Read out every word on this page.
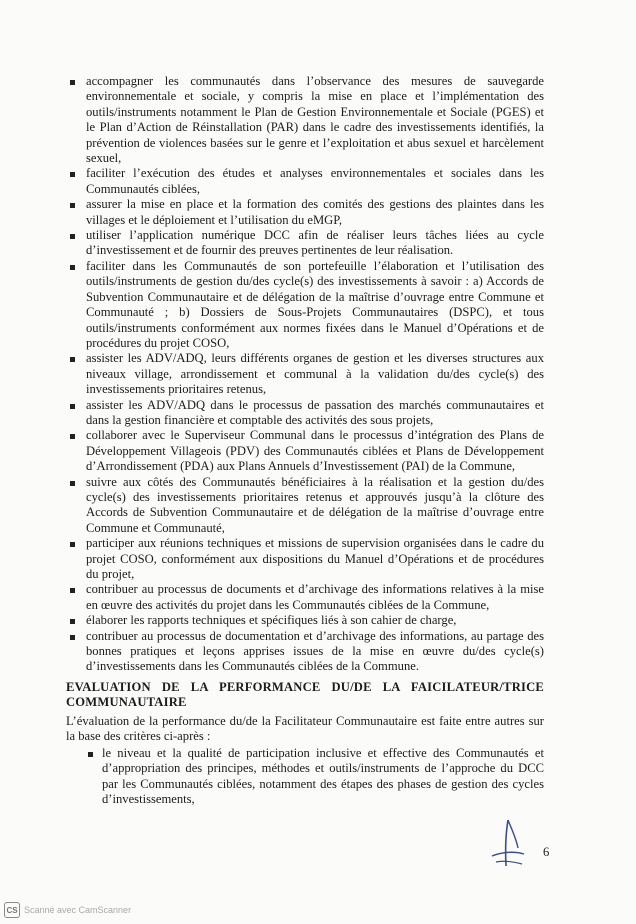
accompagner les communautés dans l’observance des mesures de sauvegarde environnementale et sociale, y compris la mise en place et l’implémentation des outils/instruments notamment le Plan de Gestion Environnementale et Sociale (PGES) et le Plan d’Action de Réinstallation (PAR) dans le cadre des investissements identifiés, la prévention de violences basées sur le genre et l’exploitation et abus sexuel et harcèlement sexuel,
faciliter l’exécution des études et analyses environnementales et sociales dans les Communautés ciblées,
assurer la mise en place et la formation des comités des gestions des plaintes dans les villages et le déploiement et l’utilisation du eMGP,
utiliser l’application numérique DCC afin de réaliser leurs tâches liées au cycle d’investissement et de fournir des preuves pertinentes de leur réalisation.
faciliter dans les Communautés de son portefeuille l’élaboration et l’utilisation des outils/instruments de gestion du/des cycle(s) des investissements à savoir : a) Accords de Subvention Communautaire et de délégation de la maîtrise d’ouvrage entre Commune et Communauté ; b) Dossiers de Sous-Projets Communautaires (DSPC), et tous outils/instruments conformément aux normes fixées dans le Manuel d’Opérations et de procédures du projet COSO,
assister les ADV/ADQ, leurs différents organes de gestion et les diverses structures aux niveaux village, arrondissement et communal à la validation du/des cycle(s) des investissements prioritaires retenus,
assister les ADV/ADQ dans le processus de passation des marchés communautaires et dans la gestion financière et comptable des activités des sous projets,
collaborer avec le Superviseur Communal dans le processus d’intégration des Plans de Développement Villageois (PDV) des Communautés ciblées et Plans de Développement d’Arrondissement (PDA) aux Plans Annuels d’Investissement (PAI) de la Commune,
suivre aux côtés des Communautés bénéficiaires à la réalisation et la gestion du/des cycle(s) des investissements prioritaires retenus et approuvés jusqu’à la clôture des Accords de Subvention Communautaire et de délégation de la maîtrise d’ouvrage entre Commune et Communauté,
participer aux réunions techniques et missions de supervision organisées dans le cadre du projet COSO, conformément aux dispositions du Manuel d’Opérations et de procédures du projet,
contribuer au processus de documents et d’archivage des informations relatives à la mise en œuvre des activités du projet dans les Communautés ciblées de la Commune,
élaborer les rapports techniques et spécifiques liés à son cahier de charge,
contribuer au processus de documentation et d’archivage des informations, au partage des bonnes pratiques et leçons apprises issues de la mise en œuvre du/des cycle(s) d’investissements dans les Communautés ciblées de la Commune.
EVALUATION DE LA PERFORMANCE DU/DE LA FAICILATEUR/TRICE COMMUNAUTAIRE
L’évaluation de la performance du/de la Facilitateur Communautaire est faite entre autres sur la base des critères ci-après :
le niveau et la qualité de participation inclusive et effective des Communautés et d’appropriation des principes, méthodes et outils/instruments de l’approche du DCC par les Communautés ciblées, notamment des étapes des phases de gestion des cycles d’investissements,
6
CS Scanné avec CamScanner
